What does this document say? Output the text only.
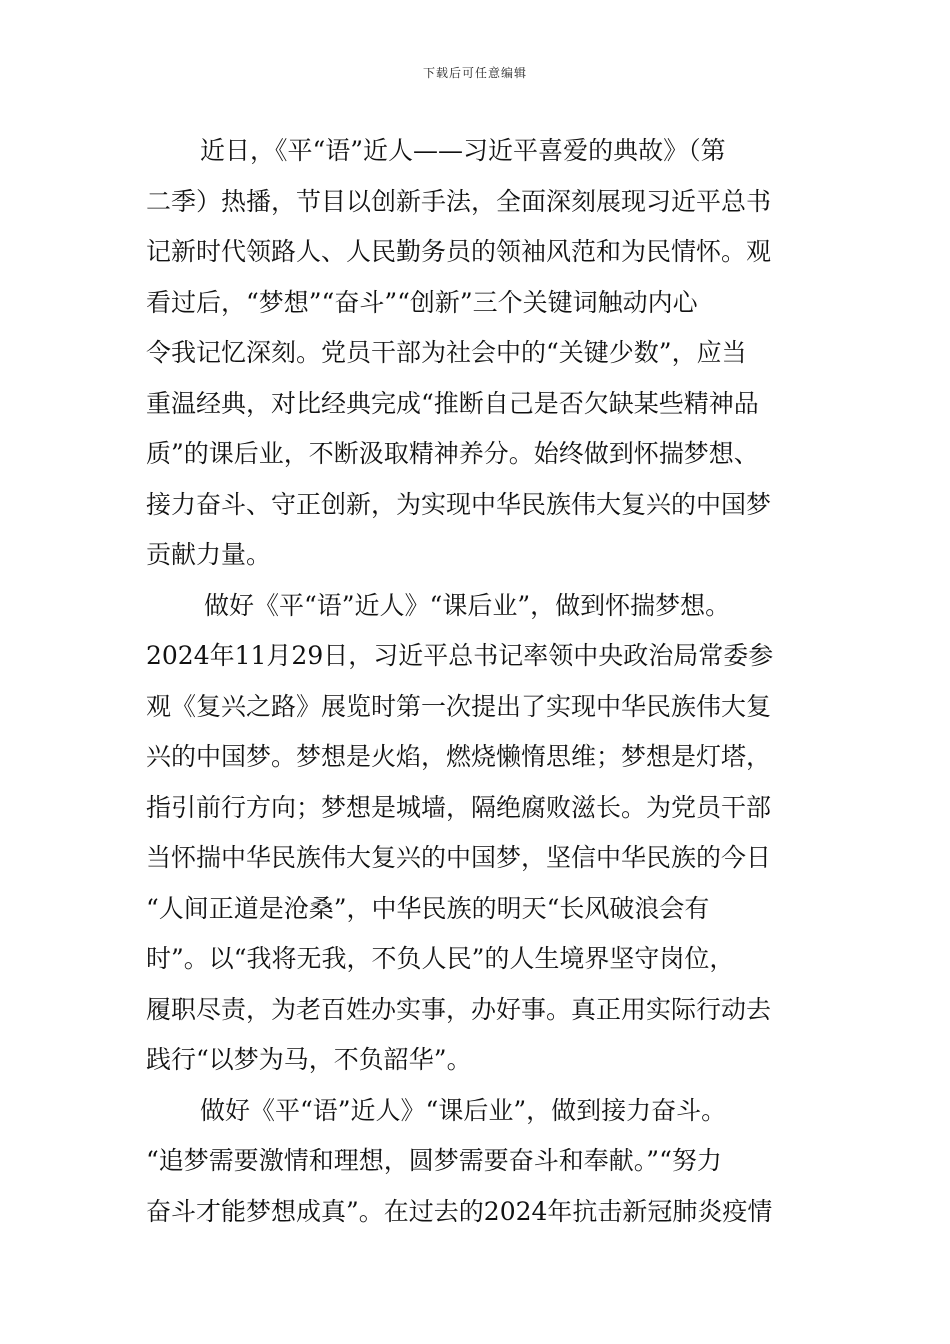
下载后可任意编辑
近日，《平“语”近人——习近平喜爱的典故》（第
二季）热播，节目以创新手法，全面深刻展现习近平总书
记新时代领路人、人民勤务员的领袖风范和为民情怀。观
看过后，“梦想”“奋斗”“创新”三个关键词触动内心
令我记忆深刻。党员干部为社会中的“关键少数”，应当
重温经典，对比经典完成“推断自己是否欠缺某些精神品
质”的课后业，不断汲取精神养分。始终做到怀揣梦想、
接力奋斗、守正创新，为实现中华民族伟大复兴的中国梦
贡献力量。
做好《平“语”近人》“课后业”，做到怀揣梦想。
2024年11月29日，习近平总书记率领中央政治局常委参
观《复兴之路》展览时第一次提出了实现中华民族伟大复
兴的中国梦。梦想是火焰，燃烧懒惰思维；梦想是灯塔，
指引前行方向；梦想是城墙，隔绝腐败滋长。为党员干部
当怀揣中华民族伟大复兴的中国梦，坚信中华民族的今日
“人间正道是沧桑”，中华民族的明天“长风破浪会有
时”。以“我将无我，不负人民”的人生境界坚守岗位，
履职尽责，为老百姓办实事，办好事。真正用实际行动去
践行“以梦为马，不负韶华”。
做好《平“语”近人》“课后业”，做到接力奋斗。
“追梦需要激情和理想，圆梦需要奋斗和奉献。”“努力
奋斗才能梦想成真”。在过去的2024年抗击新冠肺炎疫情
